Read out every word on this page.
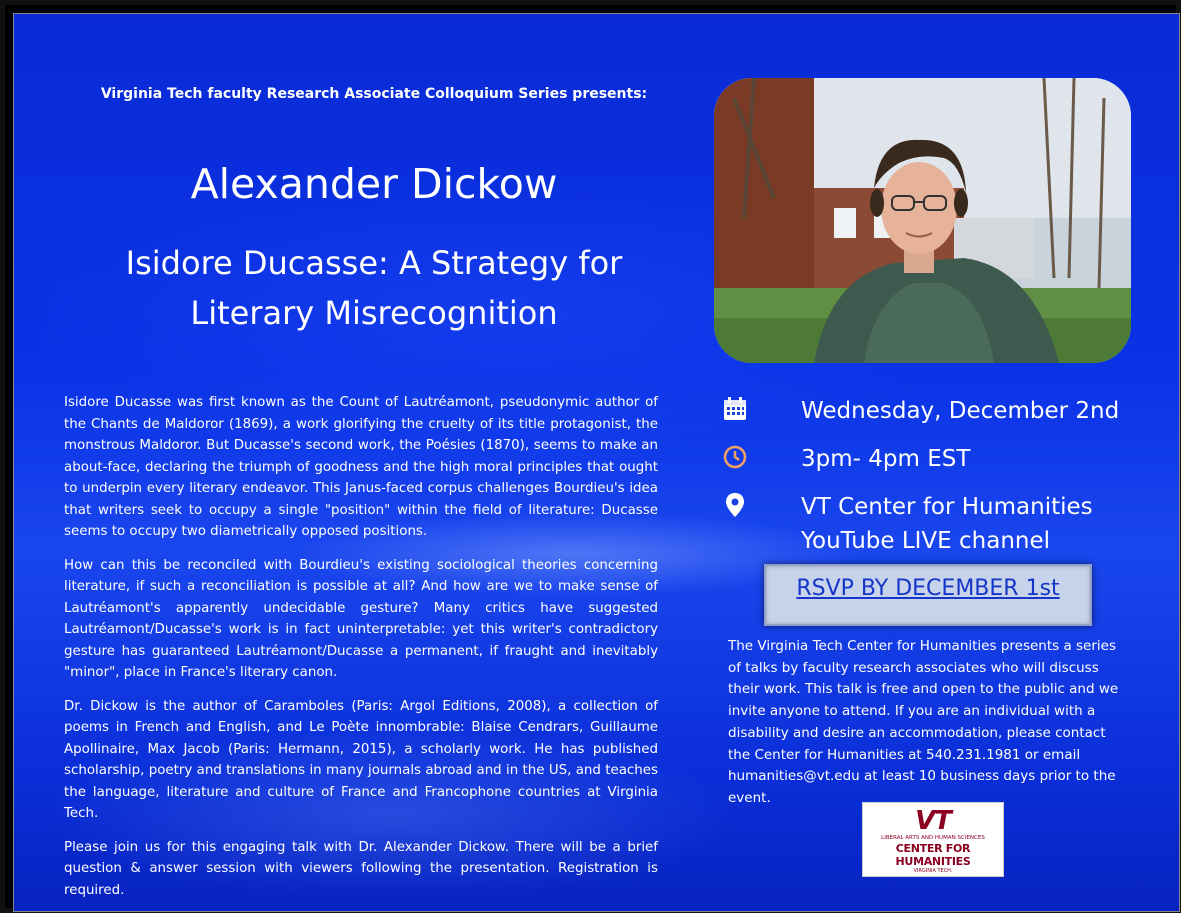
Virginia Tech faculty Research Associate Colloquium Series presents:
Alexander Dickow
Isidore Ducasse: A Strategy for
Literary Misrecognition

Isidore Ducasse was first known as the Count of Lautréamont, pseudonymic author of the Chants de Maldoror (1869), a work glorifying the cruelty of its title protagonist, the monstrous Maldoror. But Ducasse's second work, the Poésies (1870), seems to make an about-face, declaring the triumph of goodness and the high moral principles that ought to underpin every literary endeavor. This Janus-faced corpus challenges Bourdieu's idea that writers seek to occupy a single "position" within the field of literature: Ducasse seems to occupy two diametrically opposed positions.

How can this be reconciled with Bourdieu's existing sociological theories concerning literature, if such a reconciliation is possible at all? And how are we to make sense of Lautréamont's apparently undecidable gesture? Many critics have suggested Lautréamont/Ducasse's work is in fact uninterpretable: yet this writer's contradictory gesture has guaranteed Lautréamont/Ducasse a permanent, if fraught and inevitably "minor", place in France's literary canon.

Dr. Dickow is the author of Caramboles (Paris: Argol Editions, 2008), a collection of poems in French and English, and Le Poète innombrable: Blaise Cendrars, Guillaume Apollinaire, Max Jacob (Paris: Hermann, 2015), a scholarly work. He has published scholarship, poetry and translations in many journals abroad and in the US, and teaches the language, literature and culture of France and Francophone countries at Virginia Tech.

Please join us for this engaging talk with Dr. Alexander Dickow. There will be a brief question & answer session with viewers following the presentation. Registration is required.

Wednesday, December 2nd
3pm- 4pm EST
VT Center for Humanities
YouTube LIVE channel
RSVP BY DECEMBER 1st
The Virginia Tech Center for Humanities presents a series of talks by faculty research associates who will discuss their work. This talk is free and open to the public and we invite anyone to attend. If you are an individual with a disability and desire an accommodation, please contact the Center for Humanities at 540.231.1981 or email humanities@vt.edu at least 10 business days prior to the event.
VT
LIBERAL ARTS AND HUMAN SCIENCES
CENTER FOR HUMANITIES
VIRGINIA TECH.
